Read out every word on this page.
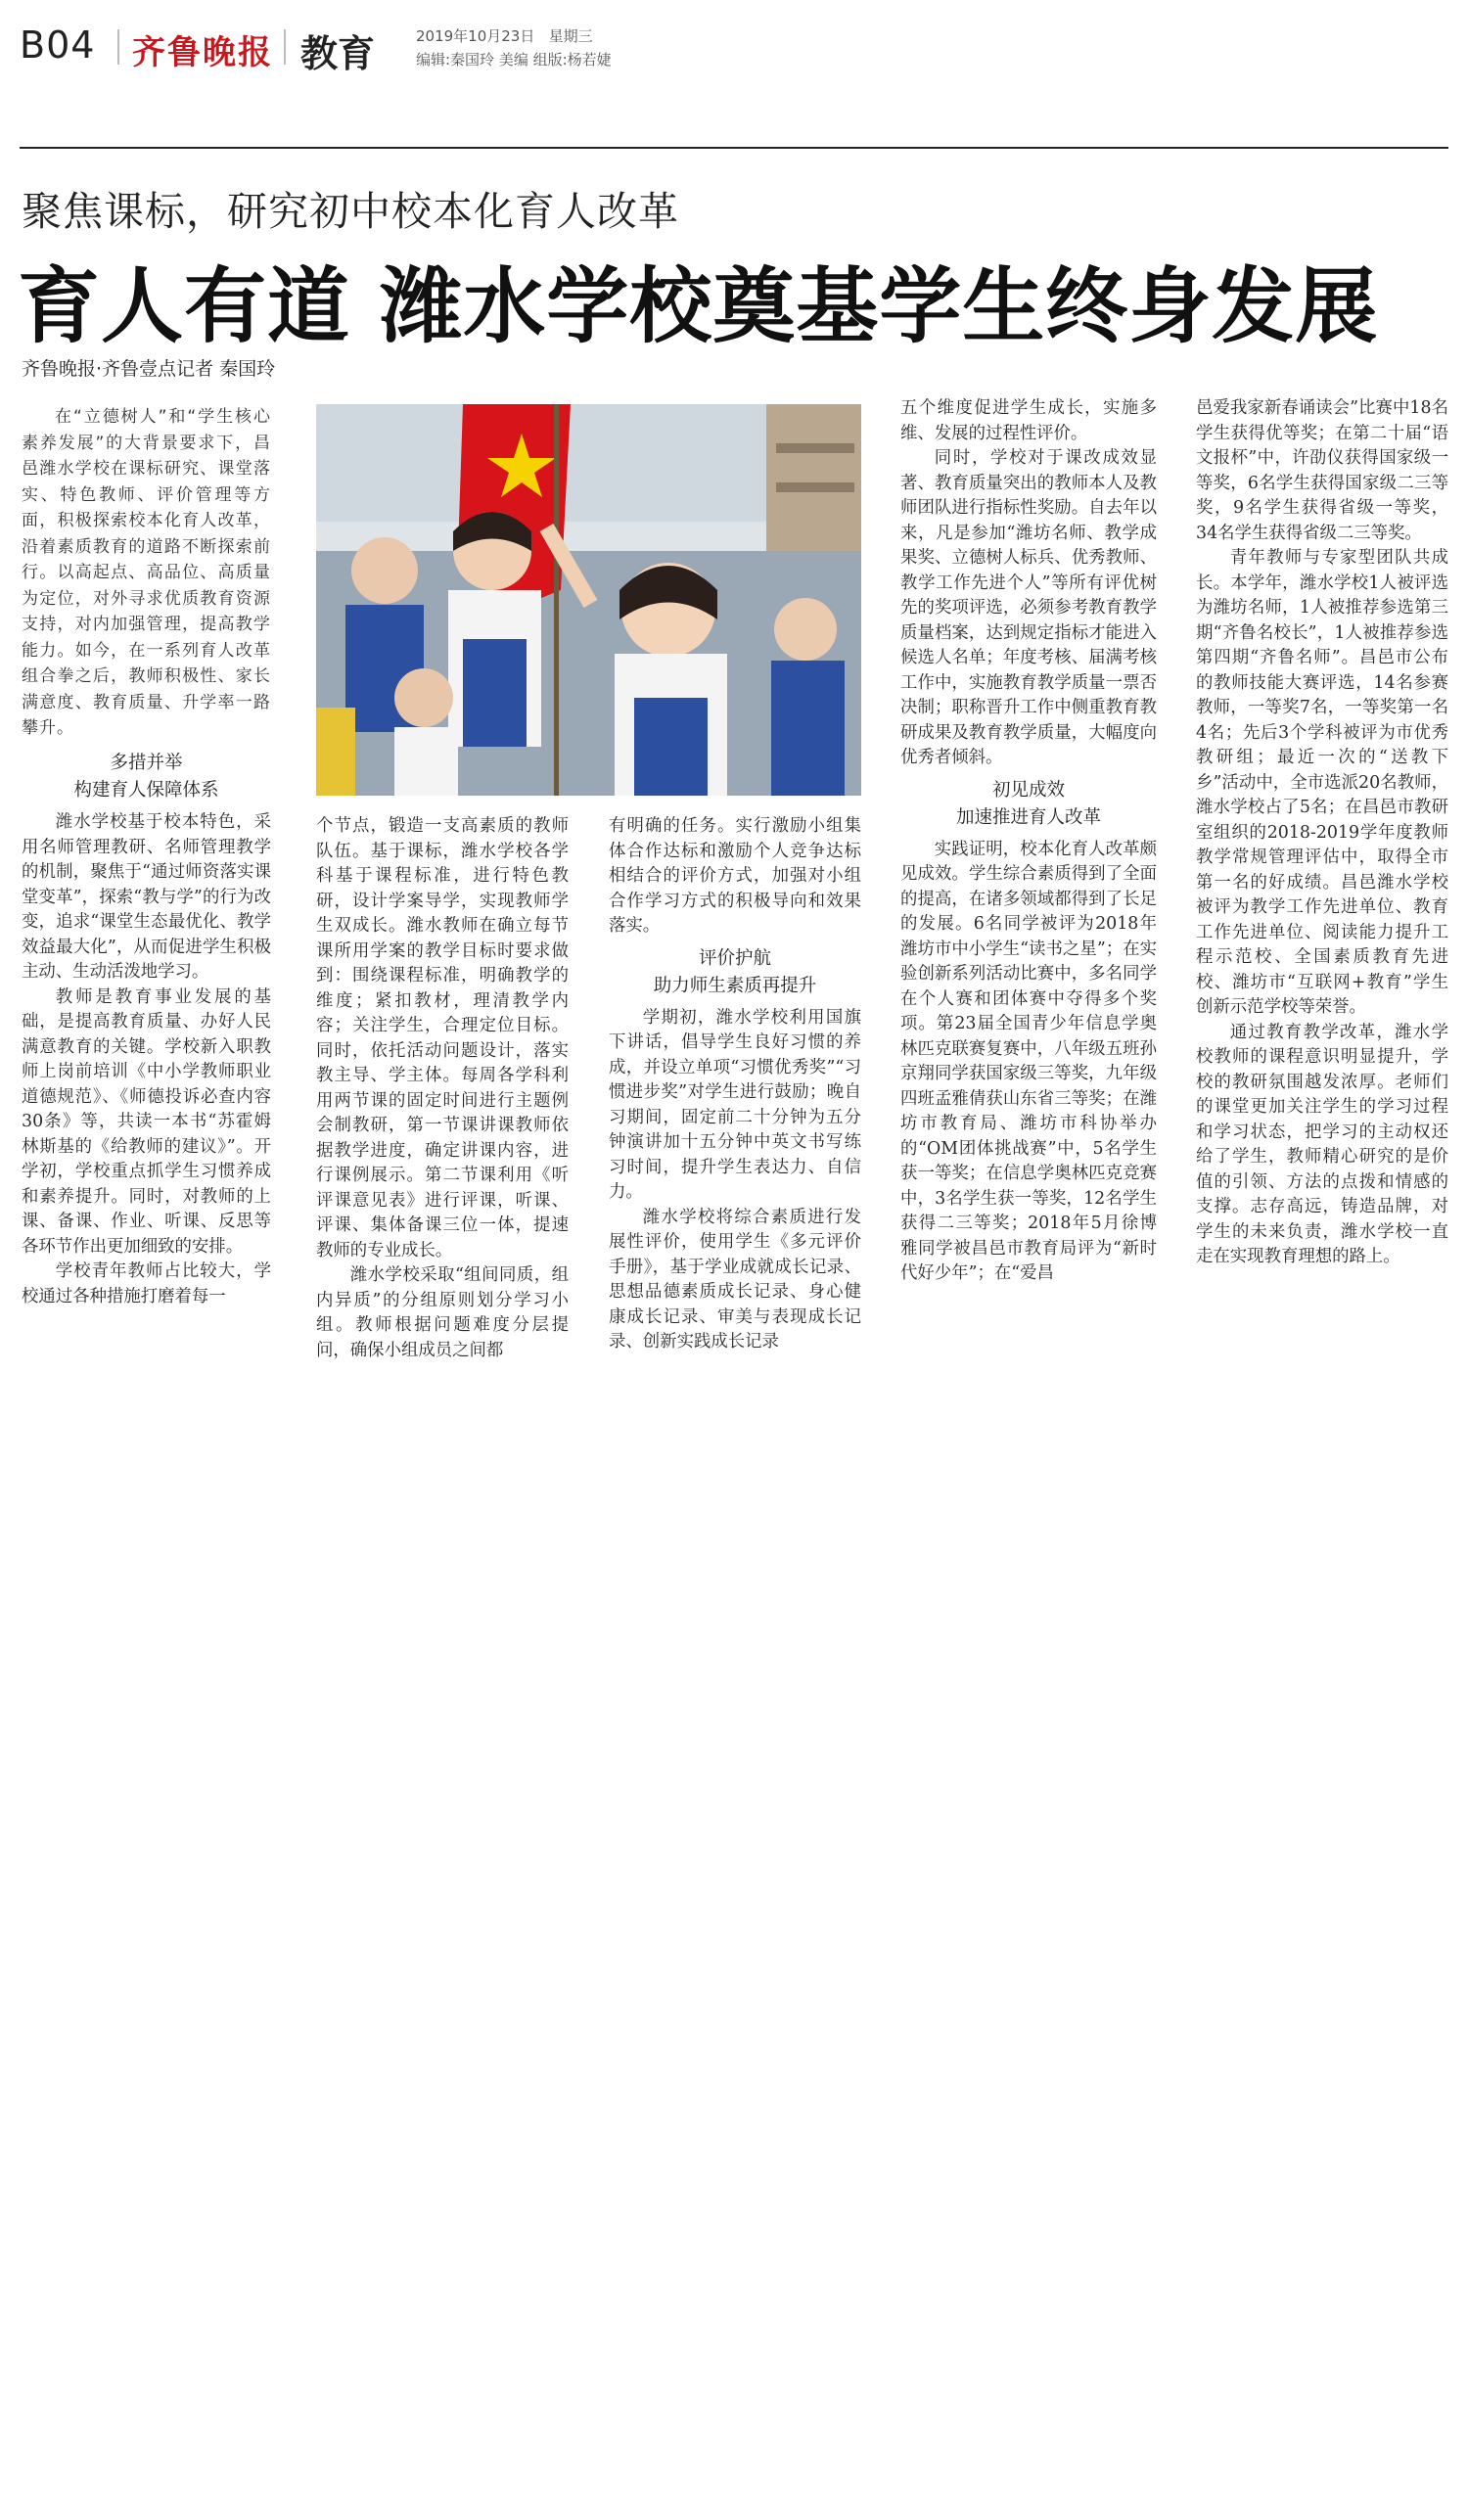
B04 齐鲁晚报 教育	2019年10月23日 星期三
编辑:秦国玲 美编 组版:杨若婕
聚焦课标，研究初中校本化育人改革
育人有道 潍水学校奠基学生终身发展
齐鲁晚报·齐鲁壹点记者 秦国玲

在“立德树人”和“学生核心素养发展”的大背景要求下，昌邑潍水学校在课标研究、课堂落实、特色教师、评价管理等方面，积极探索校本化育人改革，沿着素质教育的道路不断探索前行。以高起点、高品位、高质量为定位，对外寻求优质教育资源支持，对内加强管理，提高教学能力。如今，在一系列育人改革组合拳之后，教师积极性、家长满意度、教育质量、升学率一路攀升。

多措并举
构建育人保障体系

潍水学校基于校本特色，采用名师管理教研、名师管理教学的机制，聚焦于“通过师资落实课堂变革”，探索“教与学”的行为改变，追求“课堂生态最优化、教学效益最大化”，从而促进学生积极主动、生动活泼地学习。

教师是教育事业发展的基础，是提高教育质量、办好人民满意教育的关键。学校新入职教师上岗前培训《中小学教师职业道德规范》、《师德投诉必查内容30条》等，共读一本书“苏霍姆林斯基的《给教师的建议》”。开学初，学校重点抓学生习惯养成和素养提升。同时，对教师的上课、备课、作业、听课、反思等各环节作出更加细致的安排。

学校青年教师占比较大，学校通过各种措施打磨着每一

个节点，锻造一支高素质的教师队伍。基于课标，潍水学校各学科基于课程标准，进行特色教研，设计学案导学，实现教师学生双成长。潍水教师在确立每节课所用学案的教学目标时要求做到：围绕课程标准，明确教学的维度；紧扣教材，理清教学内容；关注学生，合理定位目标。同时，依托活动问题设计，落实教主导、学主体。每周各学科利用两节课的固定时间进行主题例会制教研，第一节课讲课教师依据教学进度，确定讲课内容，进行课例展示。第二节课利用《听评课意见表》进行评课，听课、评课、集体备课三位一体，提速教师的专业成长。

潍水学校采取“组间同质，组内异质”的分组原则划分学习小组。教师根据问题难度分层提问，确保小组成员之间都

有明确的任务。实行激励小组集体合作达标和激励个人竞争达标相结合的评价方式，加强对小组合作学习方式的积极导向和效果落实。

评价护航
助力师生素质再提升

学期初，潍水学校利用国旗下讲话，倡导学生良好习惯的养成，并设立单项“习惯优秀奖”“习惯进步奖”对学生进行鼓励；晚自习期间，固定前二十分钟为五分钟演讲加十五分钟中英文书写练习时间，提升学生表达力、自信力。

潍水学校将综合素质进行发展性评价，使用学生《多元评价手册》，基于学业成就成长记录、思想品德素质成长记录、身心健康成长记录、审美与表现成长记录、创新实践成长记录

五个维度促进学生成长，实施多维、发展的过程性评价。

同时，学校对于课改成效显著、教育质量突出的教师本人及教师团队进行指标性奖励。自去年以来，凡是参加“潍坊名师、教学成果奖、立德树人标兵、优秀教师、教学工作先进个人”等所有评优树先的奖项评选，必须参考教育教学质量档案，达到规定指标才能进入候选人名单；年度考核、届满考核工作中，实施教育教学质量一票否决制；职称晋升工作中侧重教育教研成果及教育教学质量，大幅度向优秀者倾斜。

初见成效
加速推进育人改革

实践证明，校本化育人改革颇见成效。学生综合素质得到了全面的提高，在诸多领域都得到了长足的发展。6名同学被评为2018年潍坊市中小学生“读书之星”；在实验创新系列活动比赛中，多名同学在个人赛和团体赛中夺得多个奖项。第23届全国青少年信息学奥林匹克联赛复赛中，八年级五班孙京翔同学获国家级三等奖，九年级四班孟雅倩获山东省三等奖；在潍坊市教育局、潍坊市科协举办的“OM团体挑战赛”中，5名学生获一等奖；在信息学奥林匹克竞赛中，3名学生获一等奖，12名学生获得二三等奖；2018年5月徐博雅同学被昌邑市教育局评为“新时代好少年”；在“爱昌

邑爱我家新春诵读会”比赛中18名学生获得优等奖；在第二十届“语文报杯”中，许劭仪获得国家级一等奖，6名学生获得国家级二三等奖，9名学生获得省级一等奖，34名学生获得省级二三等奖。

青年教师与专家型团队共成长。本学年，潍水学校1人被评选为潍坊名师，1人被推荐参选第三期“齐鲁名校长”，1人被推荐参选第四期“齐鲁名师”。昌邑市公布的教师技能大赛评选，14名参赛教师，一等奖7名，一等奖第一名4名；先后3个学科被评为市优秀教研组；最近一次的“送教下乡”活动中，全市选派20名教师，潍水学校占了5名；在昌邑市教研室组织的2018-2019学年度教师教学常规管理评估中，取得全市第一名的好成绩。昌邑潍水学校被评为教学工作先进单位、教育工作先进单位、阅读能力提升工程示范校、全国素质教育先进校、潍坊市“互联网+教育”学生创新示范学校等荣誉。

通过教育教学改革，潍水学校教师的课程意识明显提升，学校的教研氛围越发浓厚。老师们的课堂更加关注学生的学习过程和学习状态，把学习的主动权还给了学生，教师精心研究的是价值的引领、方法的点拨和情感的支撑。志存高远，铸造品牌，对学生的未来负责，潍水学校一直走在实现教育理想的路上。
